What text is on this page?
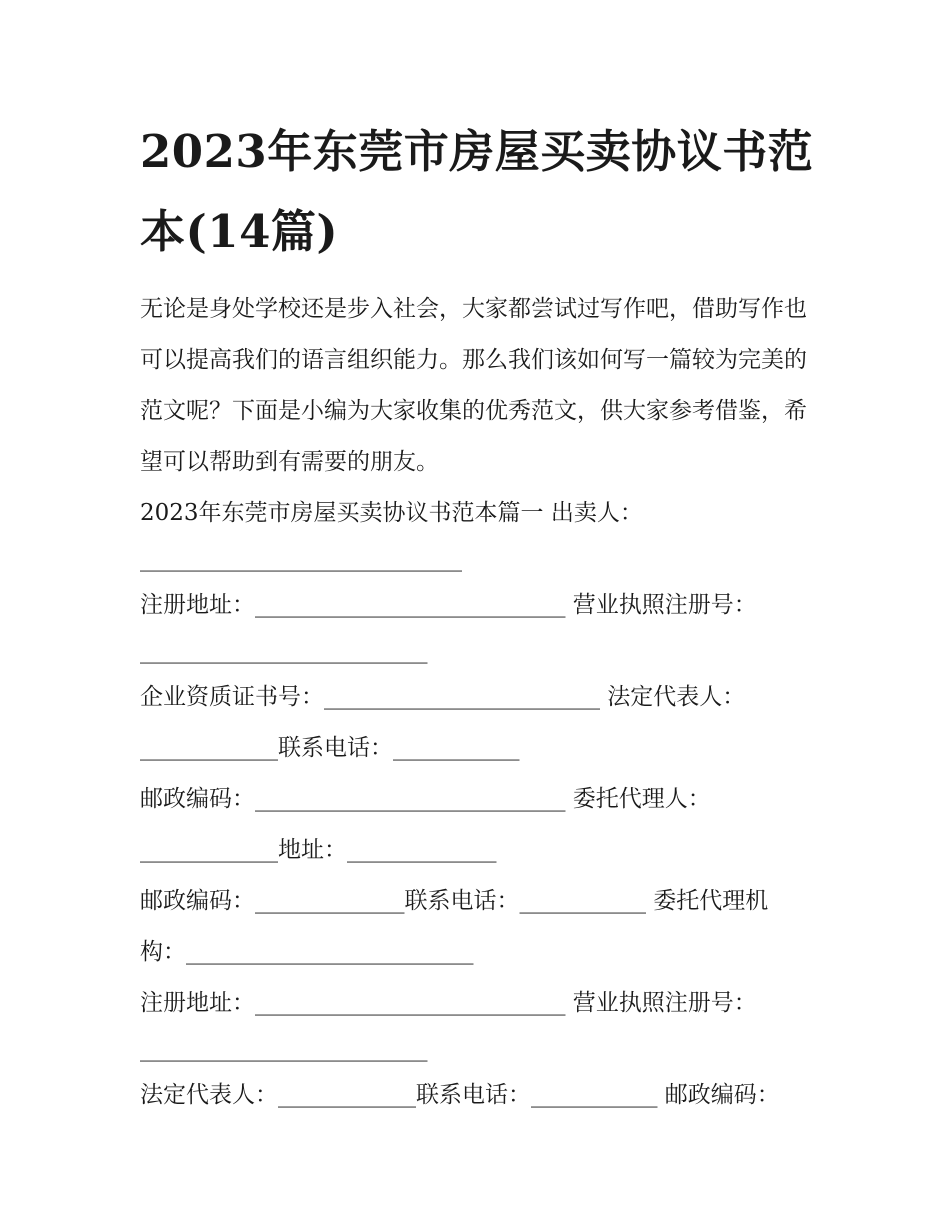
2023年东莞市房屋买卖协议书范本(14篇)

无论是身处学校还是步入社会，大家都尝试过写作吧，借助写作也可以提高我们的语言组织能力。那么我们该如何写一篇较为完美的范文呢？下面是小编为大家收集的优秀范文，供大家参考借鉴，希望可以帮助到有需要的朋友。

2023年东莞市房屋买卖协议书范本篇一 出卖人：
____________________________
注册地址：___________________________ 营业执照注册号：
_________________________
企业资质证书号：________________________ 法定代表人：
____________联系电话：___________
邮政编码：___________________________ 委托代理人：
____________地址：_____________
邮政编码：_____________联系电话：___________ 委托代理机
构：_________________________
注册地址：___________________________ 营业执照注册号：
_________________________
法定代表人：____________联系电话：___________ 邮政编码：
